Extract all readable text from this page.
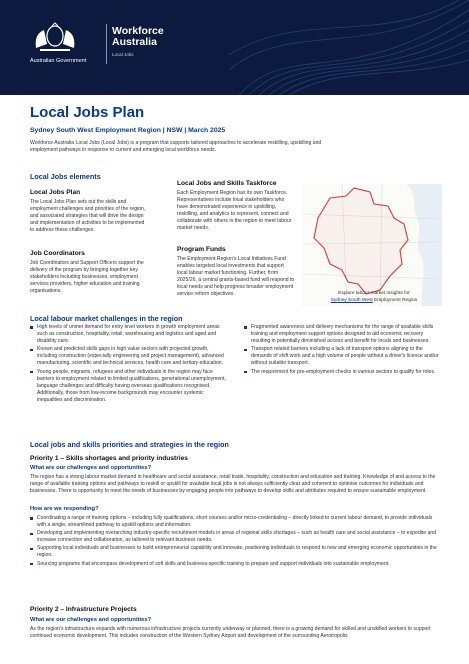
Australian Government
Workforce
Australia
Local Jobs
Local Jobs Plan
Sydney South West Employment Region | NSW | March 2025
Workforce Australia Local Jobs (Local Jobs) is a program that supports tailored approaches to accelerate reskilling, upskilling and employment pathways in response to current and emerging local workforce needs.
Local Jobs elements
Local Jobs Plan
The Local Jobs Plan sets out the skills and employment challenges and priorities of the region, and associated strategies that will drive the design and implementation of activities to be implemented to address these challenges.
Job Coordinators
Job Coordinators and Support Officers support the delivery of the program by bringing together key stakeholders including businesses, employment services providers, higher education and training organisations.
Local Jobs and Skills Taskforce
Each Employment Region has its own Taskforce. Representatives include local stakeholders who have demonstrated experience in upskilling, reskilling, and analytics to represent, connect and collaborate with others in the region to meet labour market needs.
Program Funds
The Employment Region's Local Initiatives Fund enables targeted local investments that support local labour market functioning. Further, from 2025/26, a central grants-based fund will respond to local needs and help progress broader employment service reform objectives.	Explore labour market insights for
Sydney South West Employment Region
Local labour market challenges in the region
High levels of unmet demand for entry level workers in growth employment areas such as construction, hospitality, retail, warehousing and logistics and aged and disability care.
Known and predicted skills gaps in high value sectors with projected growth, including construction (especially engineering and project management), advanced manufacturing, scientific and technical services, health care and tertiary education.
Young people, migrants, refugees and other individuals in the region may face barriers to employment related to limited qualifications, generational unemployment, language challenges and difficulty having overseas qualifications recognised. Additionally, those from low-income backgrounds may encounter systemic inequalities and discrimination.
Fragmented awareness and delivery mechanisms for the range of available skills training and employment support options designed to aid economic recovery resulting in potentially diminished access and benefit for locals and businesses.
Transport related barriers including a lack of transport options aligning to the demands of shift work and a high volume of people without a driver's licence and/or without suitable transport.
The requirement for pre-employment checks in various sectors to qualify for roles.
Local jobs and skills priorities and strategies in the region
Priority 1 – Skills shortages and priority industries
What are our challenges and opportunities?
The region has a strong labour market demand in healthcare and social assistance, retail trade, hospitality, construction and education and training. Knowledge of and access to the range of available training options and pathways to reskill or upskill for available local jobs is not always sufficiently clear and coherent to optimise outcomes for individuals and businesses. There is opportunity to meet the needs of businesses by engaging people into pathways to develop skills and attributes required to ensure sustainable employment.
How are we responding?
Coordinating a range of training options – including fully qualifications, short courses and/or micro-credentialing – directly linked to current labour demand, to provide individuals with a single, streamlined pathway to upskill options and information.
Developing and implementing overarching industry-specific recruitment models in areas of regional skills shortages – such as health care and social assistance – to expedite and increase connection and collaboration, as tailored to relevant business needs.
Supporting local individuals and businesses to build entrepreneurial capability and innovate, positioning individuals to respond to new and emerging economic opportunities in the region.
Sourcing programs that encompass development of soft skills and business-specific training to prepare and support individuals into sustainable employment.
Priority 2 – Infrastructure Projects
What are our challenges and opportunities?
As the region's infrastructure expands with numerous infrastructure projects currently underway or planned, there is a growing demand for skilled and unskilled workers to support continued economic development. This includes construction of the Western Sydney Airport and development of the surrounding Aerotropolis
